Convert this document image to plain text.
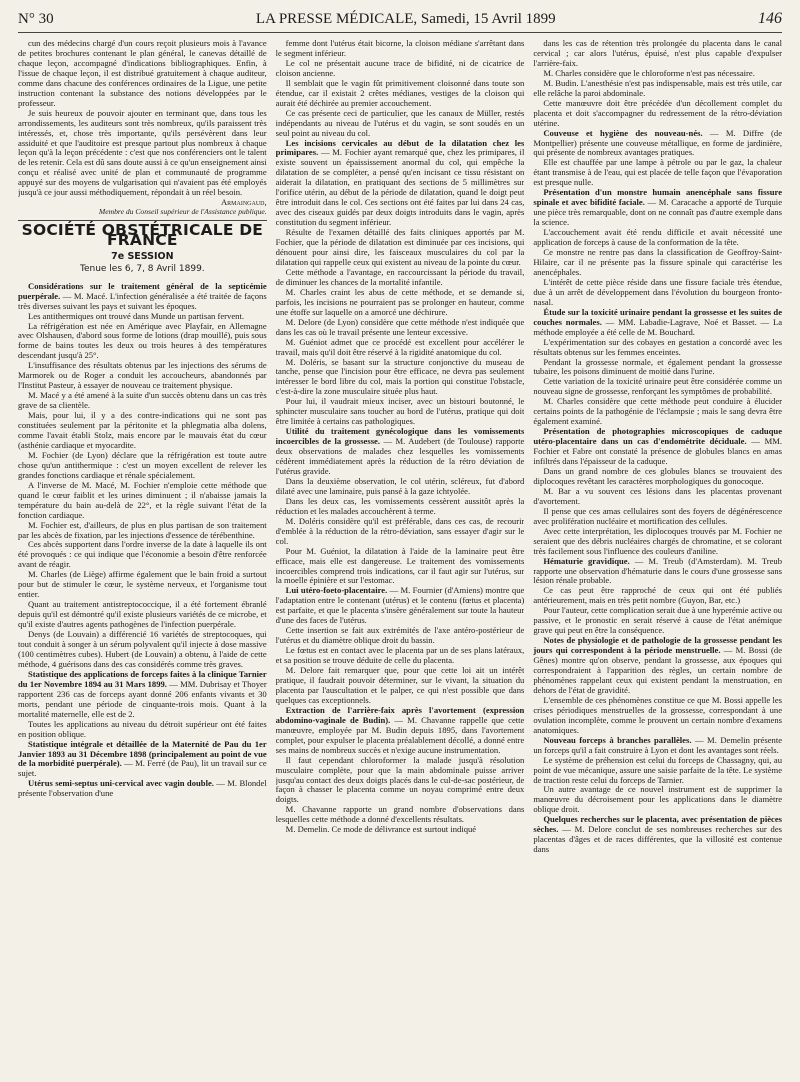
N° 30	LA PRESSE MÉDICALE, Samedi, 15 Avril 1899	146

cun des médecins chargé d'un cours reçoit plusieurs mois à l'avance de petites brochures contenant le plan général, le canevas détaillé de chaque leçon, accompagné d'indications bibliographiques. Enfin, à l'issue de chaque leçon, il est distribué gratuitement à chaque auditeur, comme dans chacune des conférences ordinaires de la Ligue, une petite instruction contenant la substance des notions développées par le professeur.

Je suis heureux de pouvoir ajouter en terminant que, dans tous les arrondissements, les auditeurs sont très nombreux, qu'ils paraissent très intéressés, et, chose très importante, qu'ils persévèrent dans leur assiduité et que l'auditoire est presque partout plus nombreux à chaque leçon qu'à la leçon précédente : c'est que nos conférenciers ont le talent de les retenir. Cela est dû sans doute aussi à ce qu'un enseignement ainsi conçu et réalisé avec unité de plan et communauté de programme appuyé sur des moyens de vulgarisation qui n'avaient pas été employés jusqu'à ce jour aussi méthodiquement, répondait à un réel besoin.

Armaingaud,

Membre du Conseil supérieur de l'Assistance publique.

SOCIÉTÉ OBSTÉTRICALE DE FRANCE
7e SESSION
Tenue les 6, 7, 8 Avril 1899.

Considérations sur le traitement général de la septicémie puerpérale. — M. Macé. L'infection généralisée a été traitée de façons très diverses suivant les pays et suivant les époques.

Les antithermiques ont trouvé dans Munde un partisan fervent.

La réfrigération est née en Amérique avec Playfair, en Allemagne avec Olshausen, d'abord sous forme de lotions (drap mouillé), puis sous forme de bains toutes les deux ou trois heures à des températures descendant jusqu'à 25°.

L'insuffisance des résultats obtenus par les injections des sérums de Marmorek ou de Roger a conduit les accoucheurs, abandonnés par l'Institut Pasteur, à essayer de nouveau ce traitement physique.

M. Macé y a été amené à la suite d'un succès obtenu dans un cas très grave de sa clientèle.

Mais, pour lui, il y a des contre-indications qui ne sont pas constituées seulement par la péritonite et la phlegmatia alba dolens, comme l'avait établi Stolz, mais encore par le mauvais état du cœur (asthénie cardiaque et myocardite.

M. Fochier (de Lyon) déclare que la réfrigération est toute autre chose qu'un antithermique : c'est un moyen excellent de relever les grandes fonctions cardiaque et rénale spécialement.

A l'inverse de M. Macé, M. Fochier n'emploie cette méthode que quand le cœur faiblit et les urines diminuent ; il n'abaisse jamais la température du bain au-delà de 22°, et la règle suivant l'état de la fonction cardiaque.

M. Fochier est, d'ailleurs, de plus en plus partisan de son traitement par les abcès de fixation, par les injections d'essence de térébenthine.

Ces abcès supportent dans l'ordre inverse de la date à laquelle ils ont été provoqués : ce qui indique que l'économie a besoin d'être renforcée avant de réagir.

M. Charles (de Liège) affirme également que le bain froid a surtout pour but de stimuler le cœur, le système nerveux, et l'organisme tout entier.

Quant au traitement antistreptococcique, il a été fortement ébranlé depuis qu'il est démontré qu'il existe plusieurs variétés de ce microbe, et qu'il existe d'autres agents pathogènes de l'infection puerpérale.

Denys (de Louvain) a différencié 16 variétés de streptocoques, qui tout conduit à songer à un sérum polyvalent qu'il injecte à dose massive (100 centimètres cubes). Hubert (de Louvain) a obtenu, à l'aide de cette méthode, 4 guérisons dans des cas considérés comme très graves.

Statistique des applications de forceps faites à la clinique Tarnier du 1er Novembre 1894 au 31 Mars 1899. — MM. Dubrisay et Thoyer rapportent 236 cas de forceps ayant donné 206 enfants vivants et 30 morts, pendant une période de cinquante-trois mois. Quant à la mortalité maternelle, elle est de 2.

Toutes les applications au niveau du détroit supérieur ont été faites en position oblique.

Statistique intégrale et détaillée de la Maternité de Pau du 1er Janvier 1893 au 31 Décembre 1898 (principalement au point de vue de la morbidité puerpérale). — M. Ferré (de Pau), lit un travail sur ce sujet.

Utérus semi-septus uni-cervical avec vagin double. — M. Blondel présente l'observation d'une

femme dont l'utérus était bicorne, la cloison médiane s'arrêtant dans le segment inférieur.

Le col ne présentait aucune trace de bifidité, ni de cicatrice de cloison ancienne.

Il semblait que le vagin fût primitivement cloisonné dans toute son étendue, car il existait 2 crêtes médianes, vestiges de la cloison qui aurait été déchirée au premier accouchement.

Ce cas présente ceci de particulier, que les canaux de Müller, restés indépendants au niveau de l'utérus et du vagin, se sont soudés en un seul point au niveau du col.

Les incisions cervicales au début de la dilatation chez les primipares. — M. Fochier ayant remarqué que, chez les primipares, il existe souvent un épaississement anormal du col, qui empêche la dilatation de se compléter, a pensé qu'en incisant ce tissu résistant on aiderait la dilatation, en pratiquant des sections de 5 millimètres sur l'orifice utérin, au début de la période de dilatation, quand le doigt peut être introduit dans le col. Ces sections ont été faites par lui dans 24 cas, avec des ciseaux guidés par deux doigts introduits dans le vagin, après constitution du segment inférieur.

Résulte de l'examen détaillé des faits cliniques apportés par M. Fochier, que la période de dilatation est diminuée par ces incisions, qui dénouent pour ainsi dire, les faisceaux musculaires du col par la dilatation qui rappelle ceux qui existent au niveau de la pointe du cœur.

Cette méthode a l'avantage, en raccourcissant la période du travail, de diminuer les chances de la mortalité infantile.

M. Charles craint les abus de cette méthode, et se demande si, parfois, les incisions ne pourraient pas se prolonger en hauteur, comme une étoffe sur laquelle on a amorcé une déchirure.

M. Delore (de Lyon) considère que cette méthode n'est indiquée que dans les cas où le travail présente une lenteur excessive.

M. Guéniot admet que ce procédé est excellent pour accélérer le travail, mais qu'il doit être réservé à la rigidité anatomique du col.

M. Doléris, se basant sur la structure conjonctive du museau de tanche, pense que l'incision pour être efficace, ne devra pas seulement intéresser le bord libre du col, mais la portion qui constitue l'obstacle, c'est-à-dire la zone musculaire située plus haut.

Pour lui, il vaudrait mieux inciser, avec un bistouri boutonné, le sphincter musculaire sans toucher au bord de l'utérus, pratique qui doit être limitée à certains cas pathologiques.

Utilité du traitement gynécologique dans les vomissements incoercibles de la grossesse. — M. Audebert (de Toulouse) rapporte deux observations de malades chez lesquelles les vomissements cédèrent immédiatement après la réduction de la rétro déviation de l'utérus gravide.

Dans la deuxième observation, le col utérin, scléreux, fut d'abord dilaté avec une laminaire, puis pansé à la gaze ichtyolée.

Dans les deux cas, les vomissements cessèrent aussitôt après la réduction et les malades accouchèrent à terme.

M. Doléris considère qu'il est préférable, dans ces cas, de recourir d'emblée à la réduction de la rétro-déviation, sans essayer d'agir sur le col.

Pour M. Guéniot, la dilatation à l'aide de la laminaire peut être efficace, mais elle est dangereuse. Le traitement des vomissements incoercibles comprend trois indications, car il faut agir sur l'utérus, sur la moelle épinière et sur l'estomac.

Lui utéro-foeto-placentaire. — M. Fournier (d'Amiens) montre que l'adaptation entre le contenant (utérus) et le contenu (fœtus et placenta) est parfaite, et que le placenta s'insère généralement sur toute la hauteur d'une des faces de l'utérus.

Cette insertion se fait aux extrémités de l'axe antéro-postérieur de l'utérus et du diamètre oblique droit du bassin.

Le fœtus est en contact avec le placenta par un de ses plans latéraux, et sa position se trouve déduite de celle du placenta.

M. Delore fait remarquer que, pour que cette loi ait un intérêt pratique, il faudrait pouvoir déterminer, sur le vivant, la situation du placenta par l'auscultation et le palper, ce qui n'est possible que dans quelques cas exceptionnels.

Extraction de l'arrière-faix après l'avortement (expression abdomino-vaginale de Budin). — M. Chavanne rappelle que cette manœuvre, employée par M. Budin depuis 1895, dans l'avortement complet, pour expulser le placenta préalablement décollé, a donné entre ses mains de nombreux succès et n'exige aucune instrumentation.

Il faut cependant chloroformer la malade jusqu'à résolution musculaire complète, pour que la main abdominale puisse arriver jusqu'au contact des deux doigts placés dans le cul-de-sac postérieur, de façon à chasser le placenta comme un noyau comprimé entre deux doigts.

M. Chavanne rapporte un grand nombre d'observations dans lesquelles cette méthode a donné d'excellents résultats.

M. Demelin. Ce mode de délivrance est surtout indiqué

dans les cas de rétention très prolongée du placenta dans le canal cervical ; car alors l'utérus, épuisé, n'est plus capable d'expulser l'arrière-faix.

M. Charles considère que le chloroforme n'est pas nécessaire.

M. Budin. L'anesthésie n'est pas indispensable, mais est très utile, car elle relâche la paroi abdominale.

Cette manœuvre doit être précédée d'un décollement complet du placenta et doit s'accompagner du redressement de la rétro-déviation utérine.

Couveuse et hygiène des nouveau-nés. — M. Diffre (de Montpellier) présente une couveuse métallique, en forme de jardinière, qui présente de nombreux avantages pratiques.

Elle est chauffée par une lampe à pétrole ou par le gaz, la chaleur étant transmise à de l'eau, qui est placée de telle façon que l'évaporation est presque nulle.

Présentation d'un monstre humain anencéphale sans fissure spinale et avec bifidité faciale. — M. Caracache a apporté de Turquie une pièce très remarquable, dont on ne connaît pas d'autre exemple dans la science.

L'accouchement avait été rendu difficile et avait nécessité une application de forceps à cause de la conformation de la tête.

Ce monstre ne rentre pas dans la classification de Geoffroy-Saint-Hilaire, car il ne présente pas la fissure spinale qui caractérise les anencéphales.

L'intérêt de cette pièce réside dans une fissure faciale très étendue, due à un arrêt de développement dans l'évolution du bourgeon fronto-nasal.

Étude sur la toxicité urinaire pendant la grossesse et les suites de couches normales. — MM. Labadie-Lagrave, Noé et Basset. — La méthode employée a été celle de M. Bouchard.

L'expérimentation sur des cobayes en gestation a concordé avec les résultats obtenus sur les femmes enceintes.

Pendant la grossesse normale, et également pendant la grossesse tubaire, les poisons diminuent de moitié dans l'urine.

Cette variation de la toxicité urinaire peut être considérée comme un nouveau signe de grossesse, renforçant les symptômes de probabilité.

M. Charles considère que cette méthode peut conduire à élucider certains points de la pathogénie de l'éclampsie ; mais le sang devra être également examiné.

Présentation de photographies microscopiques de caduque utéro-placentaire dans un cas d'endométrite déciduale. — MM. Fochier et Fabre ont constaté la présence de globules blancs en amas infiltrés dans l'épaisseur de la caduque.

Dans un grand nombre de ces globules blancs se trouvaient des diplocoques revêtant les caractères morphologiques du gonocoque.

M. Bar a vu souvent ces lésions dans les placentas provenant d'avortement.

Il pense que ces amas cellulaires sont des foyers de dégénérescence avec prolifération nucléaire et mortification des cellules.

Avec cette interprétation, les diplocoques trouvés par M. Fochier ne seraient que des débris nucléaires chargés de chromatine, et se colorant très facilement sous l'influence des couleurs d'aniline.

Hématurie gravidique. — M. Treub (d'Amsterdam). M. Treub rapporte une observation d'hématurie dans le cours d'une grossesse sans lésion rénale probable.

Ce cas peut être rapproché de ceux qui ont été publiés antérieurement, mais en très petit nombre (Guyon, Bar, etc.)

Pour l'auteur, cette complication serait due à une hyperémie active ou passive, et le pronostic en serait réservé à cause de l'état anémique grave qui peut en être la conséquence.

Notes de physiologie et de pathologie de la grossesse pendant les jours qui correspondent à la période menstruelle. — M. Bossi (de Gênes) montre qu'on observe, pendant la grossesse, aux époques qui correspondraient à l'apparition des règles, un certain nombre de phénomènes rappelant ceux qui existent pendant la menstruation, en dehors de l'état de gravidité.

L'ensemble de ces phénomènes constitue ce que M. Bossi appelle les crises périodiques menstruelles de la grossesse, correspondant à une ovulation incomplète, comme le prouvent un certain nombre d'examens anatomiques.

Nouveau forceps à branches parallèles. — M. Demelin présente un forceps qu'il a fait construire à Lyon et dont les avantages sont réels.

Le système de préhension est celui du forceps de Chassagny, qui, au point de vue mécanique, assure une saisie parfaite de la tête. Le système de traction reste celui du forceps de Tarnier.

Un autre avantage de ce nouvel instrument est de supprimer la manœuvre du décroisement pour les applications dans le diamètre oblique droit.

Quelques recherches sur le placenta, avec présentation de pièces sèches. — M. Delore conclut de ses nombreuses recherches sur des placentas d'âges et de races différentes, que la villosité est contenue dans
